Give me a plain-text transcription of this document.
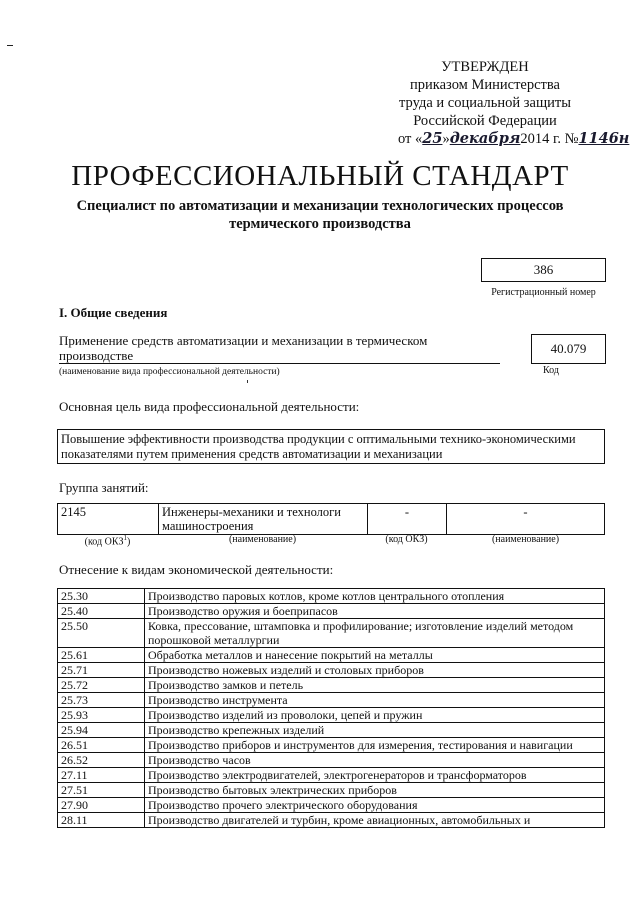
УТВЕРЖДЕН
приказом Министерства
труда и социальной защиты
Российской Федерации
от «25»декабря2014 г. №1146н
ПРОФЕССИОНАЛЬНЫЙ СТАНДАРТ
Специалист по автоматизации и механизации технологических процессов термического производства
386
Регистрационный номер
I. Общие сведения
Применение средств автоматизации и механизации в термическом производстве
(наименование вида профессиональной деятельности)
40.079
Код
Основная цель вида профессиональной деятельности:
Повышение эффективности производства продукции с оптимальными технико-экономическими показателями путем применения средств автоматизации и механизации
Группа занятий:
2145	Инженеры-механики и технологи машиностроения	-	-
(код ОКЗ$^1$)	(наименование)	(код ОКЗ)	(наименование)
Отнесение к видам экономической деятельности:
25.30	Производство паровых котлов, кроме котлов центрального отопления
25.40	Производство оружия и боеприпасов
25.50	Ковка, прессование, штамповка и профилирование; изготовление изделий методом порошковой металлургии
25.61	Обработка металлов и нанесение покрытий на металлы
25.71	Производство ножевых изделий и столовых приборов
25.72	Производство замков и петель
25.73	Производство инструмента
25.93	Производство изделий из проволоки, цепей и пружин
25.94	Производство крепежных изделий
26.51	Производство приборов и инструментов для измерения, тестирования и навигации
26.52	Производство часов
27.11	Производство электродвигателей, электрогенераторов и трансформаторов
27.51	Производство бытовых электрических приборов
27.90	Производство прочего электрического оборудования
28.11	Производство двигателей и турбин, кроме авиационных, автомобильных и
